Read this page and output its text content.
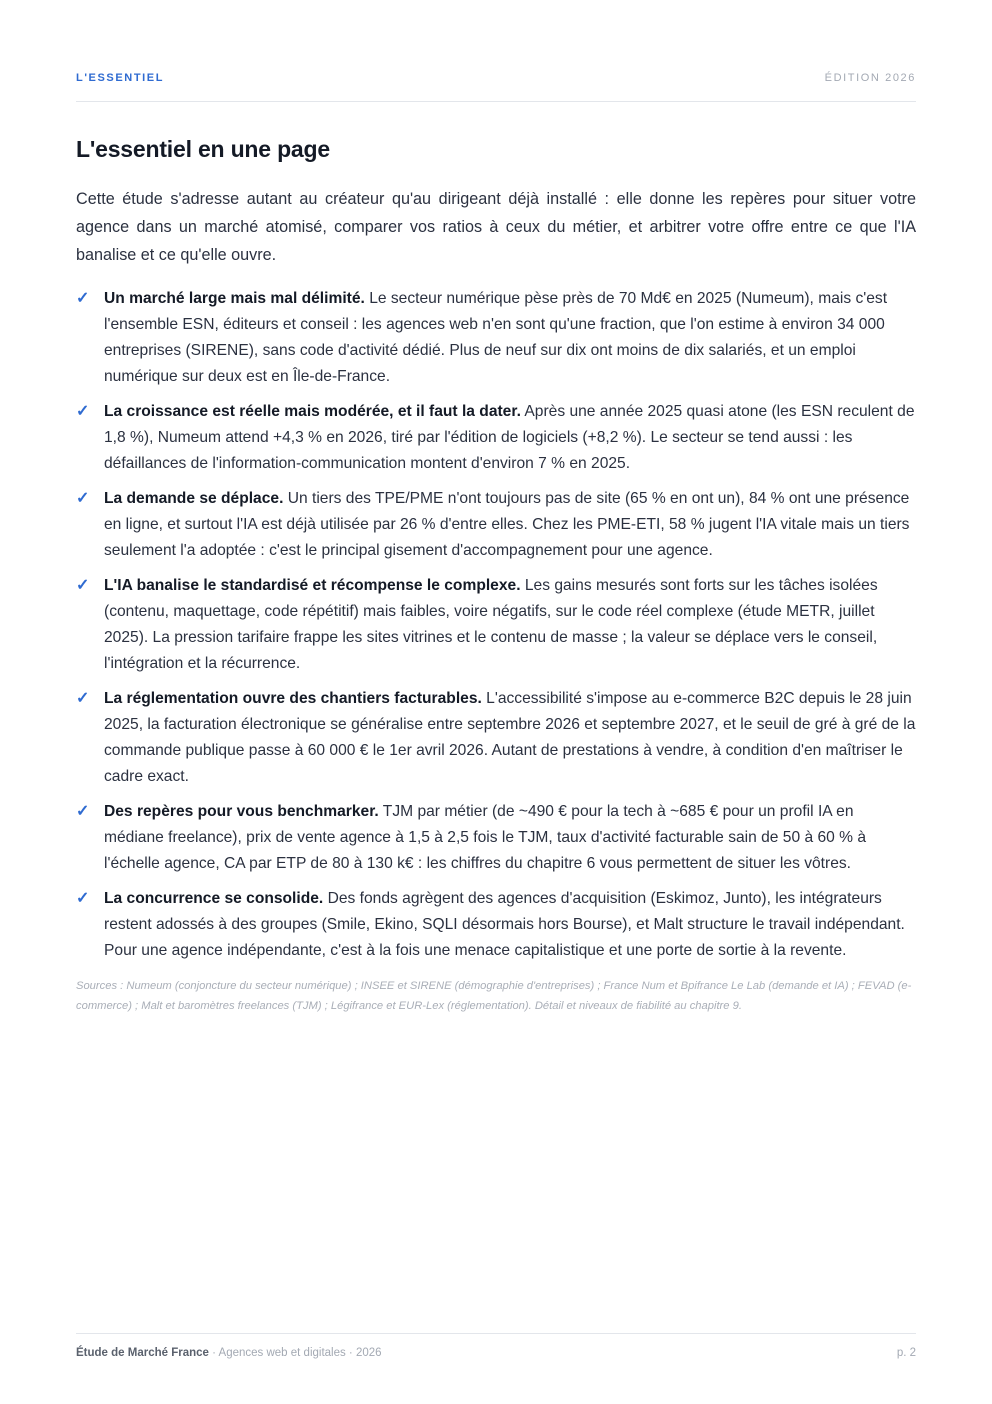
L'ESSENTIEL	ÉDITION 2026
L'essentiel en une page

Cette étude s'adresse autant au créateur qu'au dirigeant déjà installé : elle donne les repères pour situer votre agence dans un marché atomisé, comparer vos ratios à ceux du métier, et arbitrer votre offre entre ce que l'IA banalise et ce qu'elle ouvre.

✓ Un marché large mais mal délimité. Le secteur numérique pèse près de 70 Md€ en 2025 (Numeum), mais c'est l'ensemble ESN, éditeurs et conseil : les agences web n'en sont qu'une fraction, que l'on estime à environ 34 000 entreprises (SIRENE), sans code d'activité dédié. Plus de neuf sur dix ont moins de dix salariés, et un emploi numérique sur deux est en Île-de-France.
✓ La croissance est réelle mais modérée, et il faut la dater. Après une année 2025 quasi atone (les ESN reculent de 1,8 %), Numeum attend +4,3 % en 2026, tiré par l'édition de logiciels (+8,2 %). Le secteur se tend aussi : les défaillances de l'information-communication montent d'environ 7 % en 2025.
✓ La demande se déplace. Un tiers des TPE/PME n'ont toujours pas de site (65 % en ont un), 84 % ont une présence en ligne, et surtout l'IA est déjà utilisée par 26 % d'entre elles. Chez les PME-ETI, 58 % jugent l'IA vitale mais un tiers seulement l'a adoptée : c'est le principal gisement d'accompagnement pour une agence.
✓ L'IA banalise le standardisé et récompense le complexe. Les gains mesurés sont forts sur les tâches isolées (contenu, maquettage, code répétitif) mais faibles, voire négatifs, sur le code réel complexe (étude METR, juillet 2025). La pression tarifaire frappe les sites vitrines et le contenu de masse ; la valeur se déplace vers le conseil, l'intégration et la récurrence.
✓ La réglementation ouvre des chantiers facturables. L'accessibilité s'impose au e-commerce B2C depuis le 28 juin 2025, la facturation électronique se généralise entre septembre 2026 et septembre 2027, et le seuil de gré à gré de la commande publique passe à 60 000 € le 1er avril 2026. Autant de prestations à vendre, à condition d'en maîtriser le cadre exact.
✓ Des repères pour vous benchmarker. TJM par métier (de ~490 € pour la tech à ~685 € pour un profil IA en médiane freelance), prix de vente agence à 1,5 à 2,5 fois le TJM, taux d'activité facturable sain de 50 à 60 % à l'échelle agence, CA par ETP de 80 à 130 k€ : les chiffres du chapitre 6 vous permettent de situer les vôtres.
✓ La concurrence se consolide. Des fonds agrègent des agences d'acquisition (Eskimoz, Junto), les intégrateurs restent adossés à des groupes (Smile, Ekino, SQLI désormais hors Bourse), et Malt structure le travail indépendant. Pour une agence indépendante, c'est à la fois une menace capitalistique et une porte de sortie à la revente.

Sources : Numeum (conjoncture du secteur numérique) ; INSEE et SIRENE (démographie d'entreprises) ; France Num et Bpifrance Le Lab (demande et IA) ; FEVAD (e-commerce) ; Malt et baromètres freelances (TJM) ; Légifrance et EUR-Lex (réglementation). Détail et niveaux de fiabilité au chapitre 9.

Étude de Marché France · Agences web et digitales · 2026	p. 2
